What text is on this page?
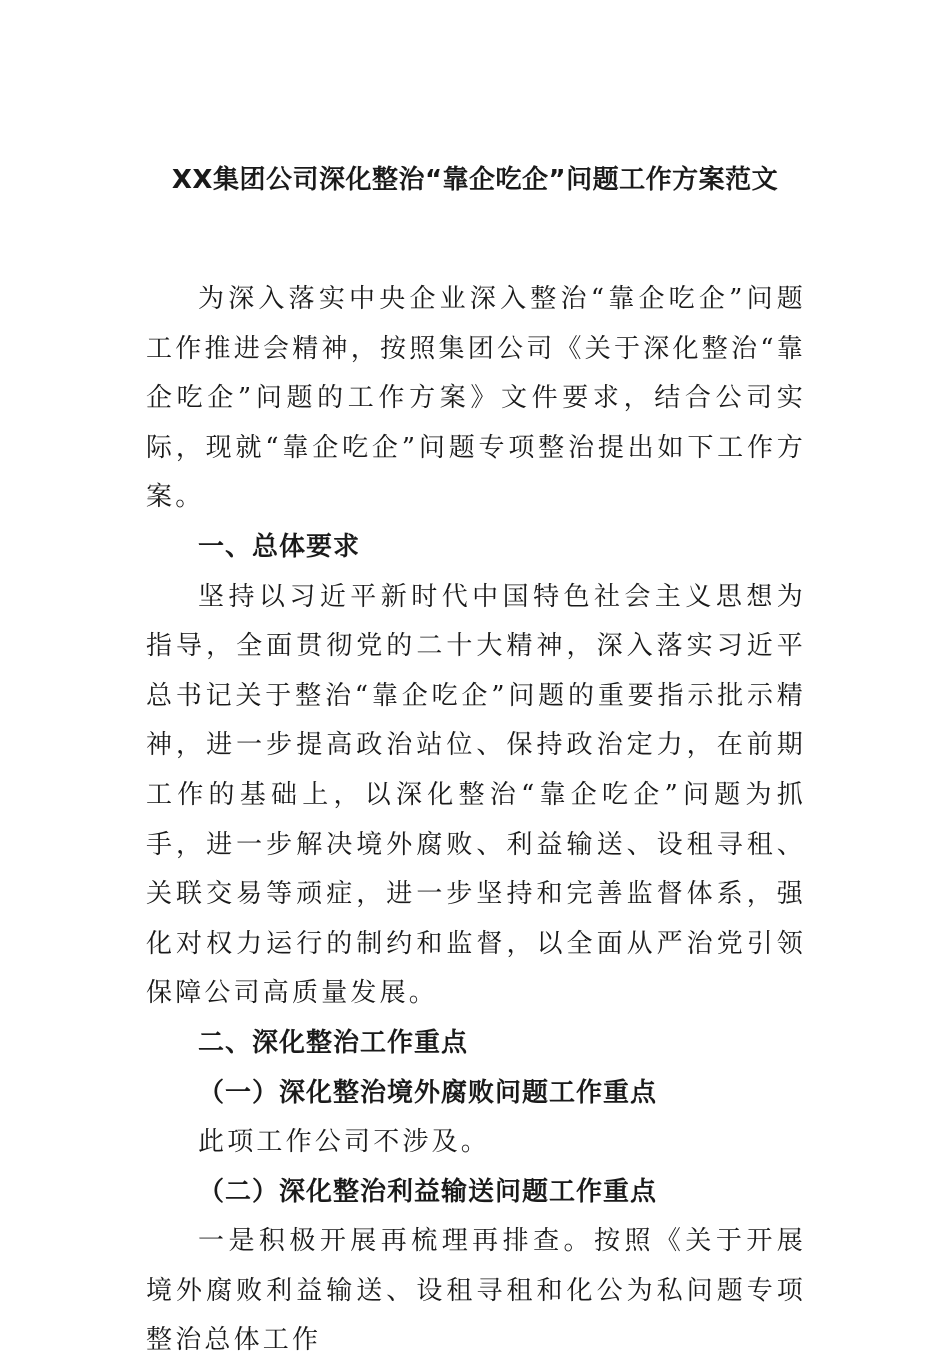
XX集团公司深化整治“靠企吃企”问题工作方案范文

为深入落实中央企业深入整治“靠企吃企”问题工作推进会精神，按照集团公司《关于深化整治“靠企吃企”问题的工作方案》文件要求，结合公司实际，现就“靠企吃企”问题专项整治提出如下工作方案。

一、总体要求

坚持以习近平新时代中国特色社会主义思想为指导，全面贯彻党的二十大精神，深入落实习近平总书记关于整治“靠企吃企”问题的重要指示批示精神，进一步提高政治站位、保持政治定力，在前期工作的基础上，以深化整治“靠企吃企”问题为抓手，进一步解决境外腐败、利益输送、设租寻租、关联交易等顽症，进一步坚持和完善监督体系，强化对权力运行的制约和监督，以全面从严治党引领保障公司高质量发展。

二、深化整治工作重点

（一）深化整治境外腐败问题工作重点

此项工作公司不涉及。

（二）深化整治利益输送问题工作重点

一是积极开展再梳理再排查。按照《关于开展境外腐败利益输送、设租寻租和化公为私问题专项整治总体工作
